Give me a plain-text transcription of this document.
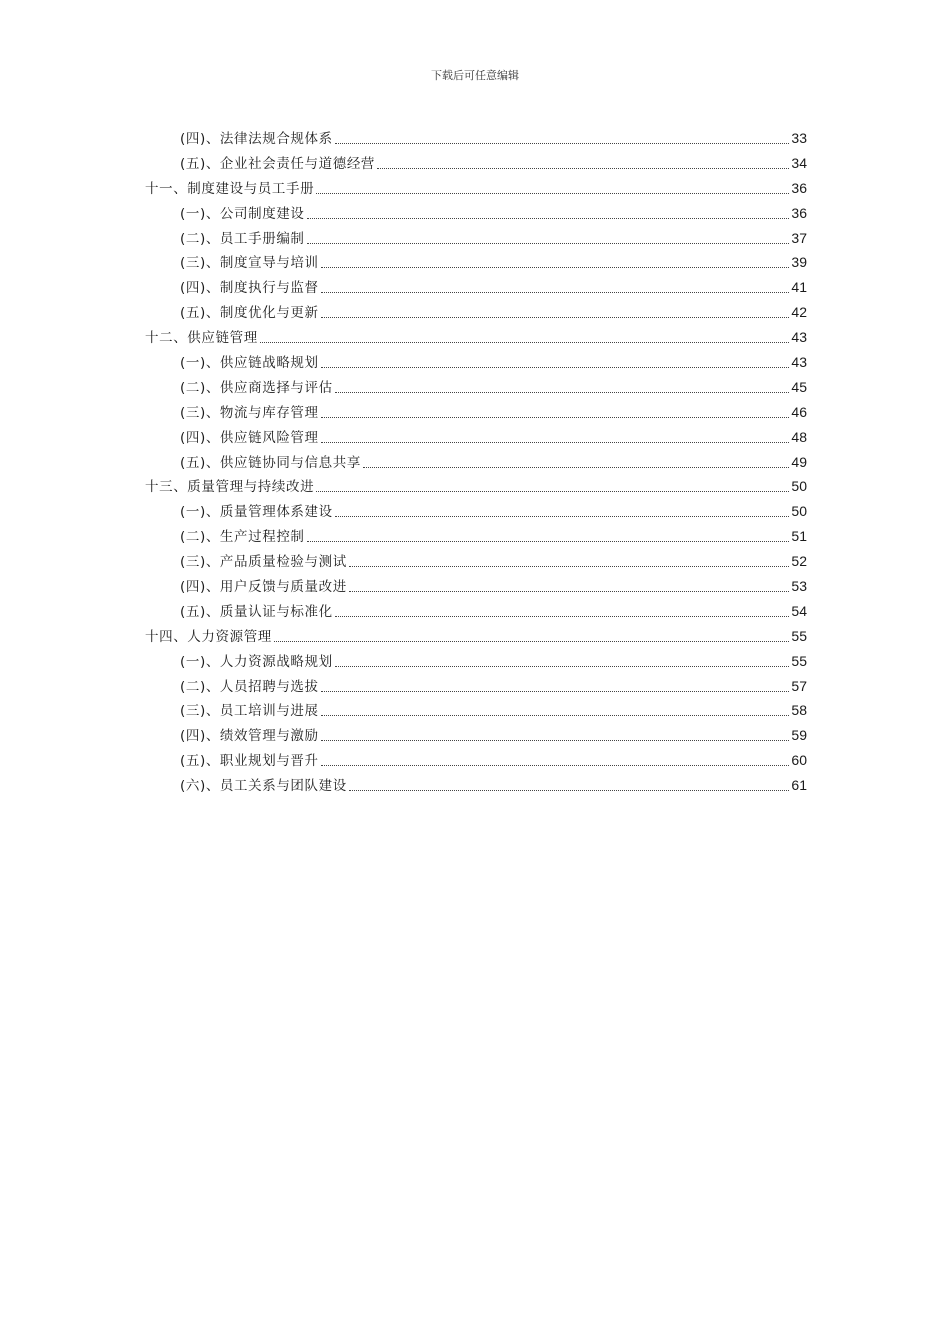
下载后可任意编辑
(四)、法律法规合规体系	33
(五)、企业社会责任与道德经营	34
十一、制度建设与员工手册	36
(一)、公司制度建设	36
(二)、员工手册编制	37
(三)、制度宣导与培训	39
(四)、制度执行与监督	41
(五)、制度优化与更新	42
十二、供应链管理	43
(一)、供应链战略规划	43
(二)、供应商选择与评估	45
(三)、物流与库存管理	46
(四)、供应链风险管理	48
(五)、供应链协同与信息共享	49
十三、质量管理与持续改进	50
(一)、质量管理体系建设	50
(二)、生产过程控制	51
(三)、产品质量检验与测试	52
(四)、用户反馈与质量改进	53
(五)、质量认证与标准化	54
十四、人力资源管理	55
(一)、人力资源战略规划	55
(二)、人员招聘与选拔	57
(三)、员工培训与进展	58
(四)、绩效管理与激励	59
(五)、职业规划与晋升	60
(六)、员工关系与团队建设	61
